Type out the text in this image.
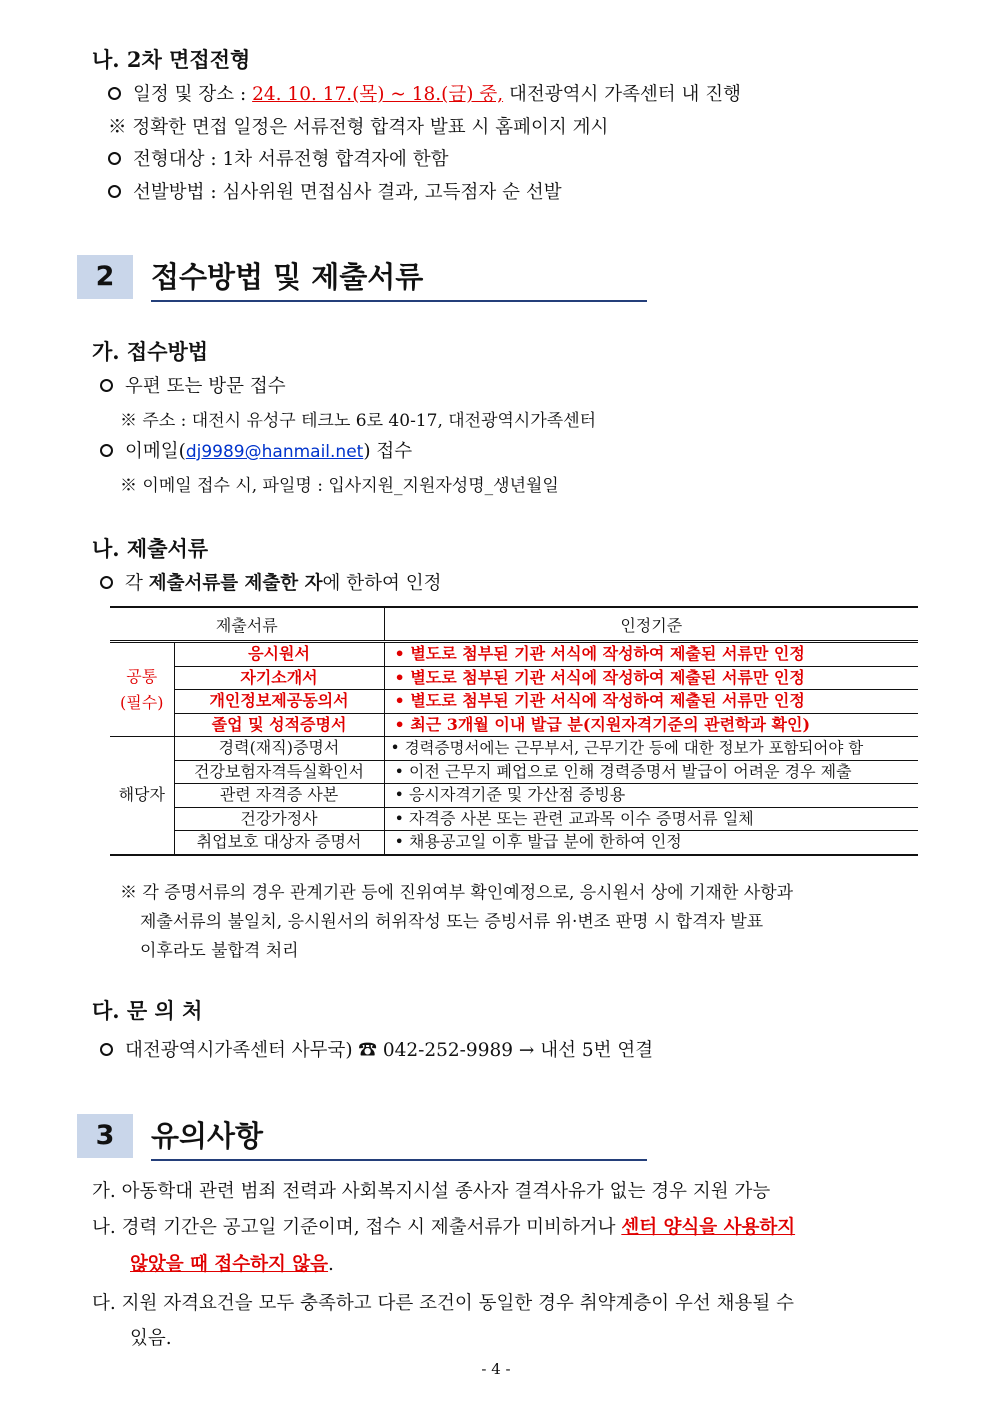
나. 2차 면접전형
일정 및 장소 : 24. 10. 17.(목) ~ 18.(금) 중, 대전광역시 가족센터 내 진행
※ 정확한 면접 일정은 서류전형 합격자 발표 시 홈페이지 게시
전형대상 : 1차 서류전형 합격자에 한함
선발방법 : 심사위원 면접심사 결과, 고득점자 순 선발
2	접수방법 및 제출서류
가. 접수방법
우편 또는 방문 접수
※ 주소 : 대전시 유성구 테크노 6로 40-17, 대전광역시가족센터
이메일(dj9989@hanmail.net) 접수
※ 이메일 접수 시, 파일명 : 입사지원_지원자성명_생년월일
나. 제출서류
각 제출서류를 제출한 자에 한하여 인정
제출서류		인정기준
공통
(필수)	응시원서	• 별도로 첨부된 기관 서식에 작성하여 제출된 서류만 인정
	자기소개서	• 별도로 첨부된 기관 서식에 작성하여 제출된 서류만 인정
	개인정보제공동의서	• 별도로 첨부된 기관 서식에 작성하여 제출된 서류만 인정
	졸업 및 성적증명서	• 최근 3개월 이내 발급 분(지원자격기준의 관련학과 확인)
해당자	경력(재직)증명서	• 경력증명서에는 근무부서, 근무기간 등에 대한 정보가 포함되어야 함
	건강보험자격득실확인서	• 이전 근무지 폐업으로 인해 경력증명서 발급이 어려운 경우 제출
	관련 자격증 사본	• 응시자격기준 및 가산점 증빙용
	건강가정사	• 자격증 사본 또는 관련 교과목 이수 증명서류 일체
	취업보호 대상자 증명서	• 채용공고일 이후 발급 분에 한하여 인정
※ 각 증명서류의 경우 관계기관 등에 진위여부 확인예정으로, 응시원서 상에 기재한 사항과
제출서류의 불일치, 응시원서의 허위작성 또는 증빙서류 위·변조 판명 시 합격자 발표
이후라도 불합격 처리
다. 문 의 처
대전광역시가족센터 사무국) ☎ 042-252-9989 → 내선 5번 연결
3	유의사항
가. 아동학대 관련 범죄 전력과 사회복지시설 종사자 결격사유가 없는 경우 지원 가능
나. 경력 기간은 공고일 기준이며, 접수 시 제출서류가 미비하거나 센터 양식을 사용하지
않았을 때 접수하지 않음.
다. 지원 자격요건을 모두 충족하고 다른 조건이 동일한 경우 취약계층이 우선 채용될 수
있음.
- 4 -
